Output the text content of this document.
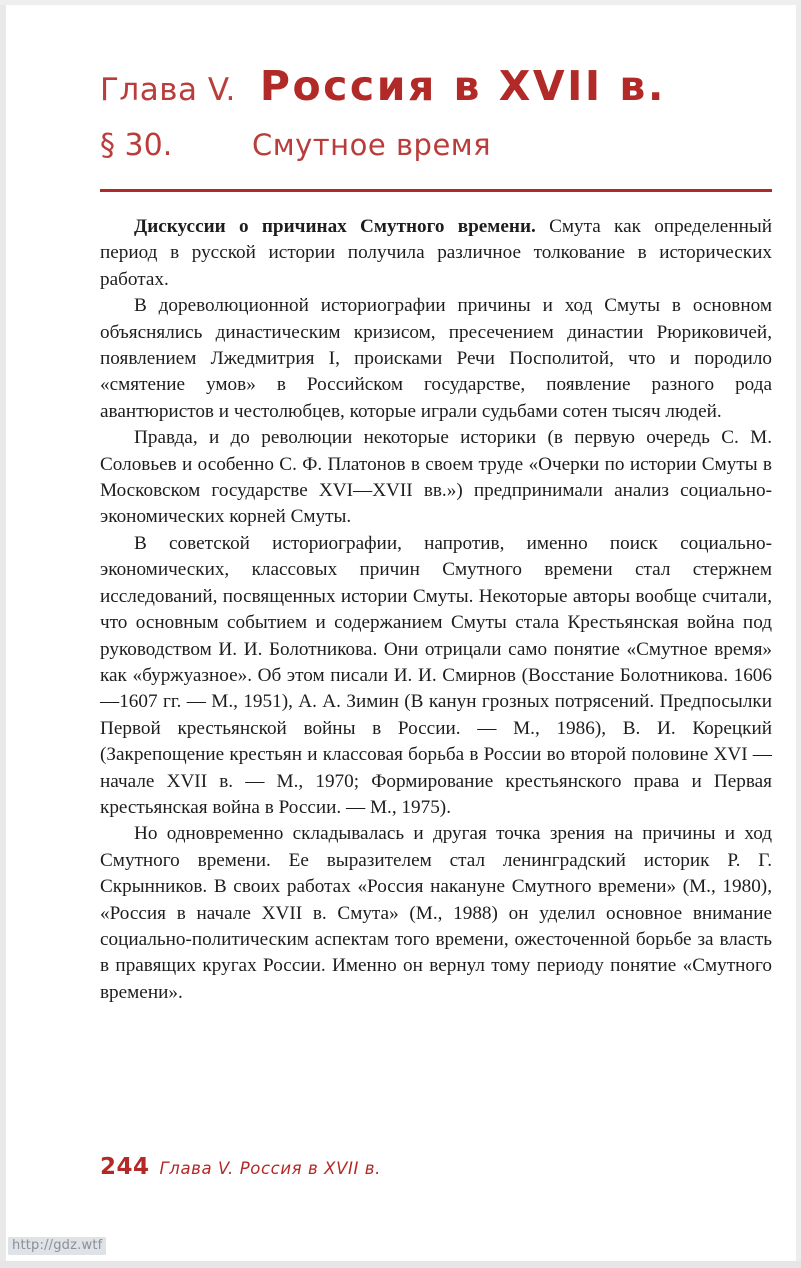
Глава V. Россия в XVII в.
§ 30.	Смутное время

Дискуссии о причинах Смутного времени. Смута как определенный период в русской истории получила различное толкование в исторических работах.

В дореволюционной историографии причины и ход Смуты в основном объяснялись династическим кризисом, пресечением династии Рюриковичей, появлением Лжедмитрия I, происками Речи Посполитой, что и породило «смятение умов» в Российском государстве, появление разного рода авантюристов и честолюбцев, которые играли судьбами сотен тысяч людей.

Правда, и до революции некоторые историки (в первую очередь С. М. Соловьев и особенно С. Ф. Платонов в своем труде «Очерки по истории Смуты в Московском государстве XVI—XVII вв.») предпринимали анализ социально-экономических корней Смуты.

В советской историографии, напротив, именно поиск социально-экономических, классовых причин Смутного времени стал стержнем исследований, посвященных истории Смуты. Некоторые авторы вообще считали, что основным событием и содержанием Смуты стала Крестьянская война под руководством И. И. Болотникова. Они отрицали само понятие «Смутное время» как «буржуазное». Об этом писали И. И. Смирнов (Восстание Болотникова. 1606—1607 гг. — М., 1951), А. А. Зимин (В канун грозных потрясений. Предпосылки Первой крестьянской войны в России. — М., 1986), В. И. Корецкий (Закрепощение крестьян и классовая борьба в России во второй половине XVI — начале XVII в. — М., 1970; Формирование крестьянского права и Первая крестьянская война в России. — М., 1975).

Но одновременно складывалась и другая точка зрения на причины и ход Смутного времени. Ее выразителем стал ленинградский историк Р. Г. Скрынников. В своих работах «Россия накануне Смутного времени» (М., 1980), «Россия в начале XVII в. Смута» (М., 1988) он уделил основное внимание социально-политическим аспектам того времени, ожесточенной борьбе за власть в правящих кругах России. Именно он вернул тому периоду понятие «Смутного времени».

244 Глава V. Россия в XVII в.
http://gdz.wtf
